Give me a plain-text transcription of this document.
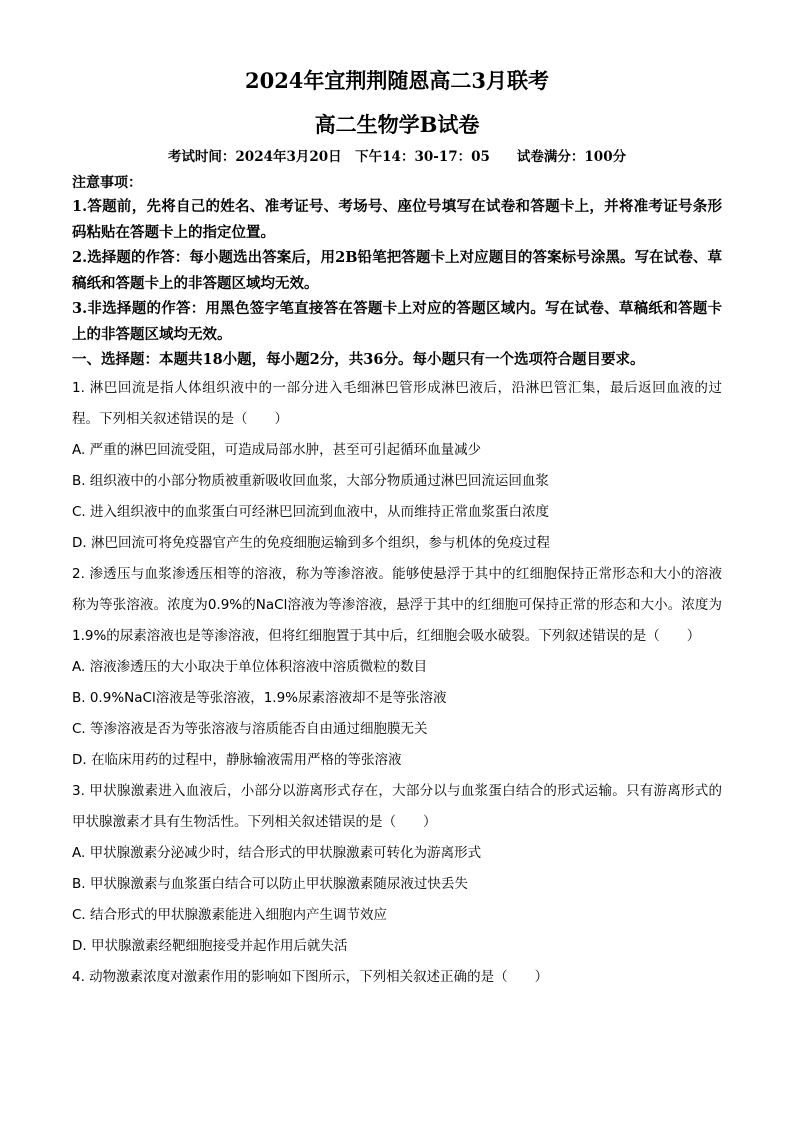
2024年宜荆荆随恩高二3月联考
高二生物学B试卷

考试时间：2024年3月20日　下午14：30-17：05　　试卷满分：100分

注意事项：

1.答题前，先将自己的姓名、准考证号、考场号、座位号填写在试卷和答题卡上，并将准考证号条形码粘贴在答题卡上的指定位置。

2.选择题的作答：每小题选出答案后，用2B铅笔把答题卡上对应题目的答案标号涂黑。写在试卷、草稿纸和答题卡上的非答题区域均无效。

3.非选择题的作答：用黑色签字笔直接答在答题卡上对应的答题区域内。写在试卷、草稿纸和答题卡上的非答题区域均无效。

一、选择题：本题共18小题，每小题2分，共36分。每小题只有一个选项符合题目要求。

1. 淋巴回流是指人体组织液中的一部分进入毛细淋巴管形成淋巴液后，沿淋巴管汇集，最后返回血液的过程。下列相关叙述错误的是（　　）

A. 严重的淋巴回流受阻，可造成局部水肿，甚至可引起循环血量减少

B. 组织液中的小部分物质被重新吸收回血浆，大部分物质通过淋巴回流运回血浆

C. 进入组织液中的血浆蛋白可经淋巴回流到血液中，从而维持正常血浆蛋白浓度

D. 淋巴回流可将免疫器官产生的免疫细胞运输到多个组织，参与机体的免疫过程

2. 渗透压与血浆渗透压相等的溶液，称为等渗溶液。能够使悬浮于其中的红细胞保持正常形态和大小的溶液称为等张溶液。浓度为0.9%的NaCl溶液为等渗溶液，悬浮于其中的红细胞可保持正常的形态和大小。浓度为1.9%的尿素溶液也是等渗溶液，但将红细胞置于其中后，红细胞会吸水破裂。下列叙述错误的是（　　）

A. 溶液渗透压的大小取决于单位体积溶液中溶质微粒的数目

B. 0.9%NaCl溶液是等张溶液，1.9%尿素溶液却不是等张溶液

C. 等渗溶液是否为等张溶液与溶质能否自由通过细胞膜无关

D. 在临床用药的过程中，静脉输液需用严格的等张溶液

3. 甲状腺激素进入血液后，小部分以游离形式存在，大部分以与血浆蛋白结合的形式运输。只有游离形式的甲状腺激素才具有生物活性。下列相关叙述错误的是（　　）

A. 甲状腺激素分泌减少时，结合形式的甲状腺激素可转化为游离形式

B. 甲状腺激素与血浆蛋白结合可以防止甲状腺激素随尿液过快丢失

C. 结合形式的甲状腺激素能进入细胞内产生调节效应

D. 甲状腺激素经靶细胞接受并起作用后就失活

4. 动物激素浓度对激素作用的影响如下图所示，下列相关叙述正确的是（　　）
